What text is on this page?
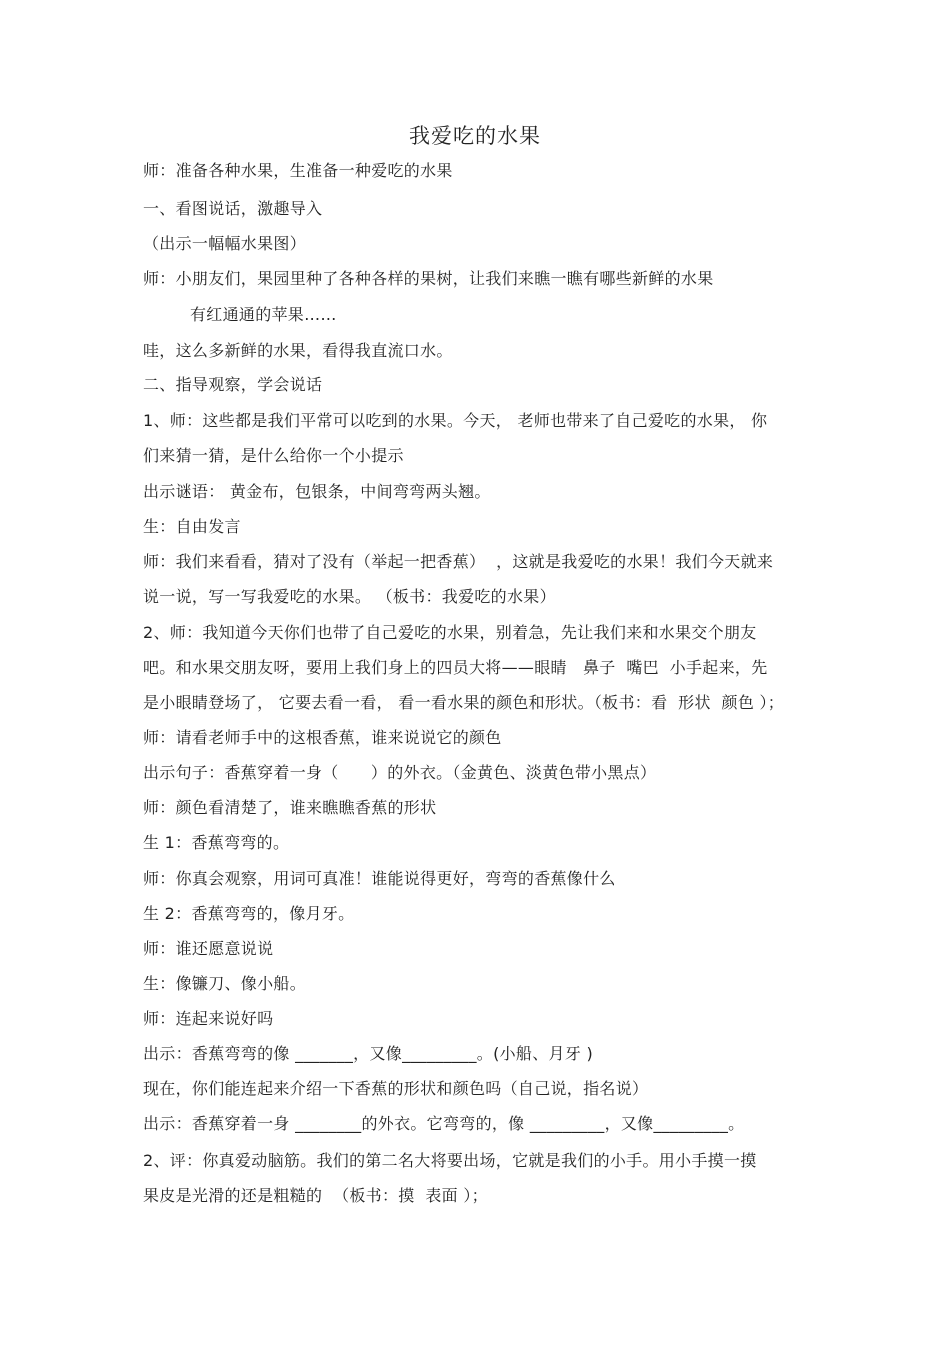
我爱吃的水果
师：准备各种水果，生准备一种爱吃的水果
一、看图说话，激趣导入
（出示一幅幅水果图）
师：小朋友们，果园里种了各种各样的果树，让我们来瞧一瞧有哪些新鲜的水果
有红通通的苹果……
哇，这么多新鲜的水果，看得我直流口水。
二、指导观察，学会说话
1、师：这些都是我们平常可以吃到的水果。今天， 老师也带来了自己爱吃的水果， 你
们来猜一猜，是什么给你一个小提示
出示谜语： 黄金布，包银条，中间弯弯两头翘。
生：自由发言
师：我们来看看，猜对了没有（举起一把香蕉）  ，这就是我爱吃的水果！我们今天就来
说一说，写一写我爱吃的水果。 （板书：我爱吃的水果）
2、师：我知道今天你们也带了自己爱吃的水果，别着急，先让我们来和水果交个朋友
吧。和水果交朋友呀，要用上我们身上的四员大将——眼睛   鼻子  嘴巴  小手起来，先
是小眼睛登场了， 它要去看一看， 看一看水果的颜色和形状。（板书：看  形状  颜色 ）；
师：请看老师手中的这根香蕉，谁来说说它的颜色
出示句子：香蕉穿着一身（      ）的外衣。（金黄色、淡黄色带小黑点）
师：颜色看清楚了，谁来瞧瞧香蕉的形状
生 1：香蕉弯弯的。
师：你真会观察，用词可真准！谁能说得更好，弯弯的香蕉像什么
生 2：香蕉弯弯的，像月牙。
师：谁还愿意说说
生：像镰刀、像小船。
师：连起来说好吗
出示：香蕉弯弯的像 _______，又像_________。(小船、月牙 )
现在，你们能连起来介绍一下香蕉的形状和颜色吗（自己说，指名说）
出示：香蕉穿着一身 ________的外衣。它弯弯的，像 _________，又像_________。
2、评：你真爱动脑筋。我们的第二名大将要出场，它就是我们的小手。用小手摸一摸
果皮是光滑的还是粗糙的  （板书：摸  表面 ）；
